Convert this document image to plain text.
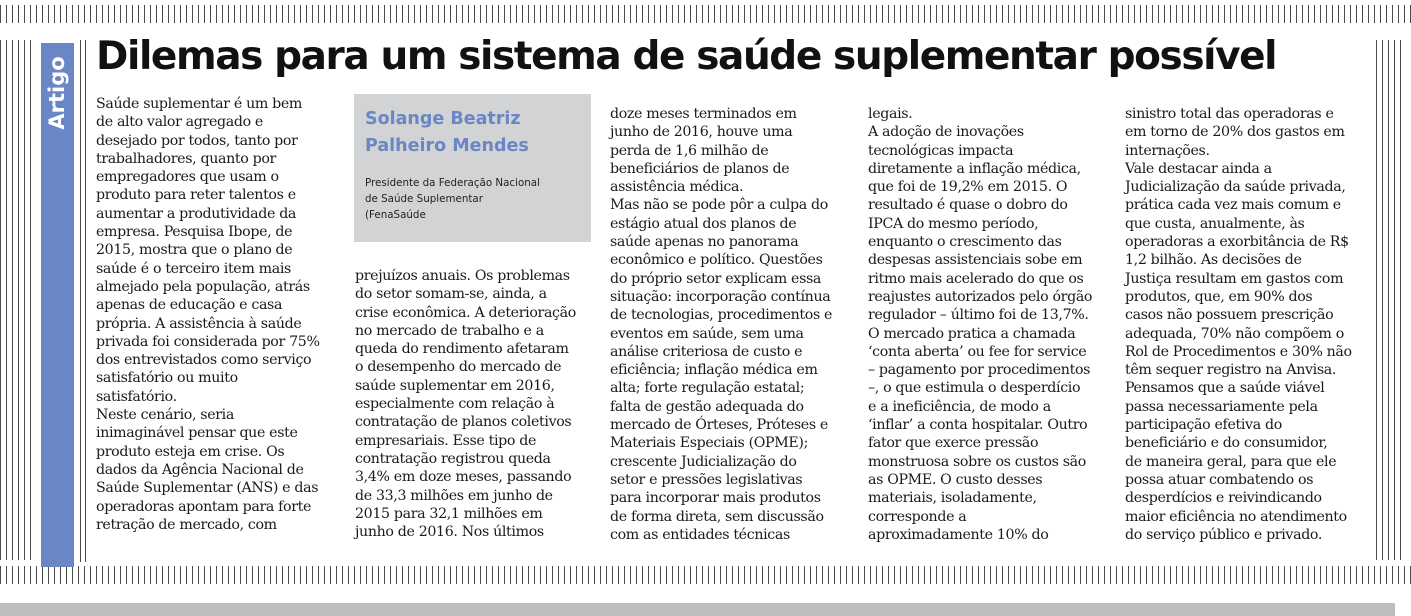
Artigo Dilemas para um sistema de saúde suplementar possível

Saúde suplementar é um bem

de alto valor agregado e

desejado por todos, tanto por

trabalhadores, quanto por

empregadores que usam o

produto para reter talentos e

aumentar a produtividade da

empresa. Pesquisa Ibope, de

2015, mostra que o plano de

saúde é o terceiro item mais

almejado pela população, atrás

apenas de educação e casa

própria. A assistência à saúde

privada foi considerada por 75%

dos entrevistados como serviço

satisfatório ou muito

satisfatório.

Neste cenário, seria

inimaginável pensar que este

produto esteja em crise. Os

dados da Agência Nacional de

Saúde Suplementar (ANS) e das

operadoras apontam para forte

retração de mercado, com

Solange Beatriz
Palheiro Mendes
Presidente da Federação Nacional
de Saúde Suplementar
(FenaSaúde

prejuízos anuais. Os problemas

do setor somam-se, ainda, a

crise econômica. A deterioração

no mercado de trabalho e a

queda do rendimento afetaram

o desempenho do mercado de

saúde suplementar em 2016,

especialmente com relação à

contratação de planos coletivos

empresariais. Esse tipo de

contratação registrou queda

3,4% em doze meses, passando

de 33,3 milhões em junho de

2015 para 32,1 milhões em

junho de 2016. Nos últimos

doze meses terminados em

junho de 2016, houve uma

perda de 1,6 milhão de

beneficiários de planos de

assistência médica.

Mas não se pode pôr a culpa do

estágio atual dos planos de

saúde apenas no panorama

econômico e político. Questões

do próprio setor explicam essa

situação: incorporação contínua

de tecnologias, procedimentos e

eventos em saúde, sem uma

análise criteriosa de custo e

eficiência; inflação médica em

alta; forte regulação estatal;

falta de gestão adequada do

mercado de Órteses, Próteses e

Materiais Especiais (OPME);

crescente Judicialização do

setor e pressões legislativas

para incorporar mais produtos

de forma direta, sem discussão

com as entidades técnicas

legais.

A adoção de inovações

tecnológicas impacta

diretamente a inflação médica,

que foi de 19,2% em 2015. O

resultado é quase o dobro do

IPCA do mesmo período,

enquanto o crescimento das

despesas assistenciais sobe em

ritmo mais acelerado do que os

reajustes autorizados pelo órgão

regulador – último foi de 13,7%.

O mercado pratica a chamada

‘conta aberta’ ou fee for service

– pagamento por procedimentos

–, o que estimula o desperdício

e a ineficiência, de modo a

‘inflar’ a conta hospitalar. Outro

fator que exerce pressão

monstruosa sobre os custos são

as OPME. O custo desses

materiais, isoladamente,

corresponde a

aproximadamente 10% do

sinistro total das operadoras e

em torno de 20% dos gastos em

internações.

Vale destacar ainda a

Judicialização da saúde privada,

prática cada vez mais comum e

que custa, anualmente, às

operadoras a exorbitância de R$

1,2 bilhão. As decisões de

Justiça resultam em gastos com

produtos, que, em 90% dos

casos não possuem prescrição

adequada, 70% não compõem o

Rol de Procedimentos e 30% não

têm sequer registro na Anvisa.

Pensamos que a saúde viável

passa necessariamente pela

participação efetiva do

beneficiário e do consumidor,

de maneira geral, para que ele

possa atuar combatendo os

desperdícios e reivindicando

maior eficiência no atendimento

do serviço público e privado.
